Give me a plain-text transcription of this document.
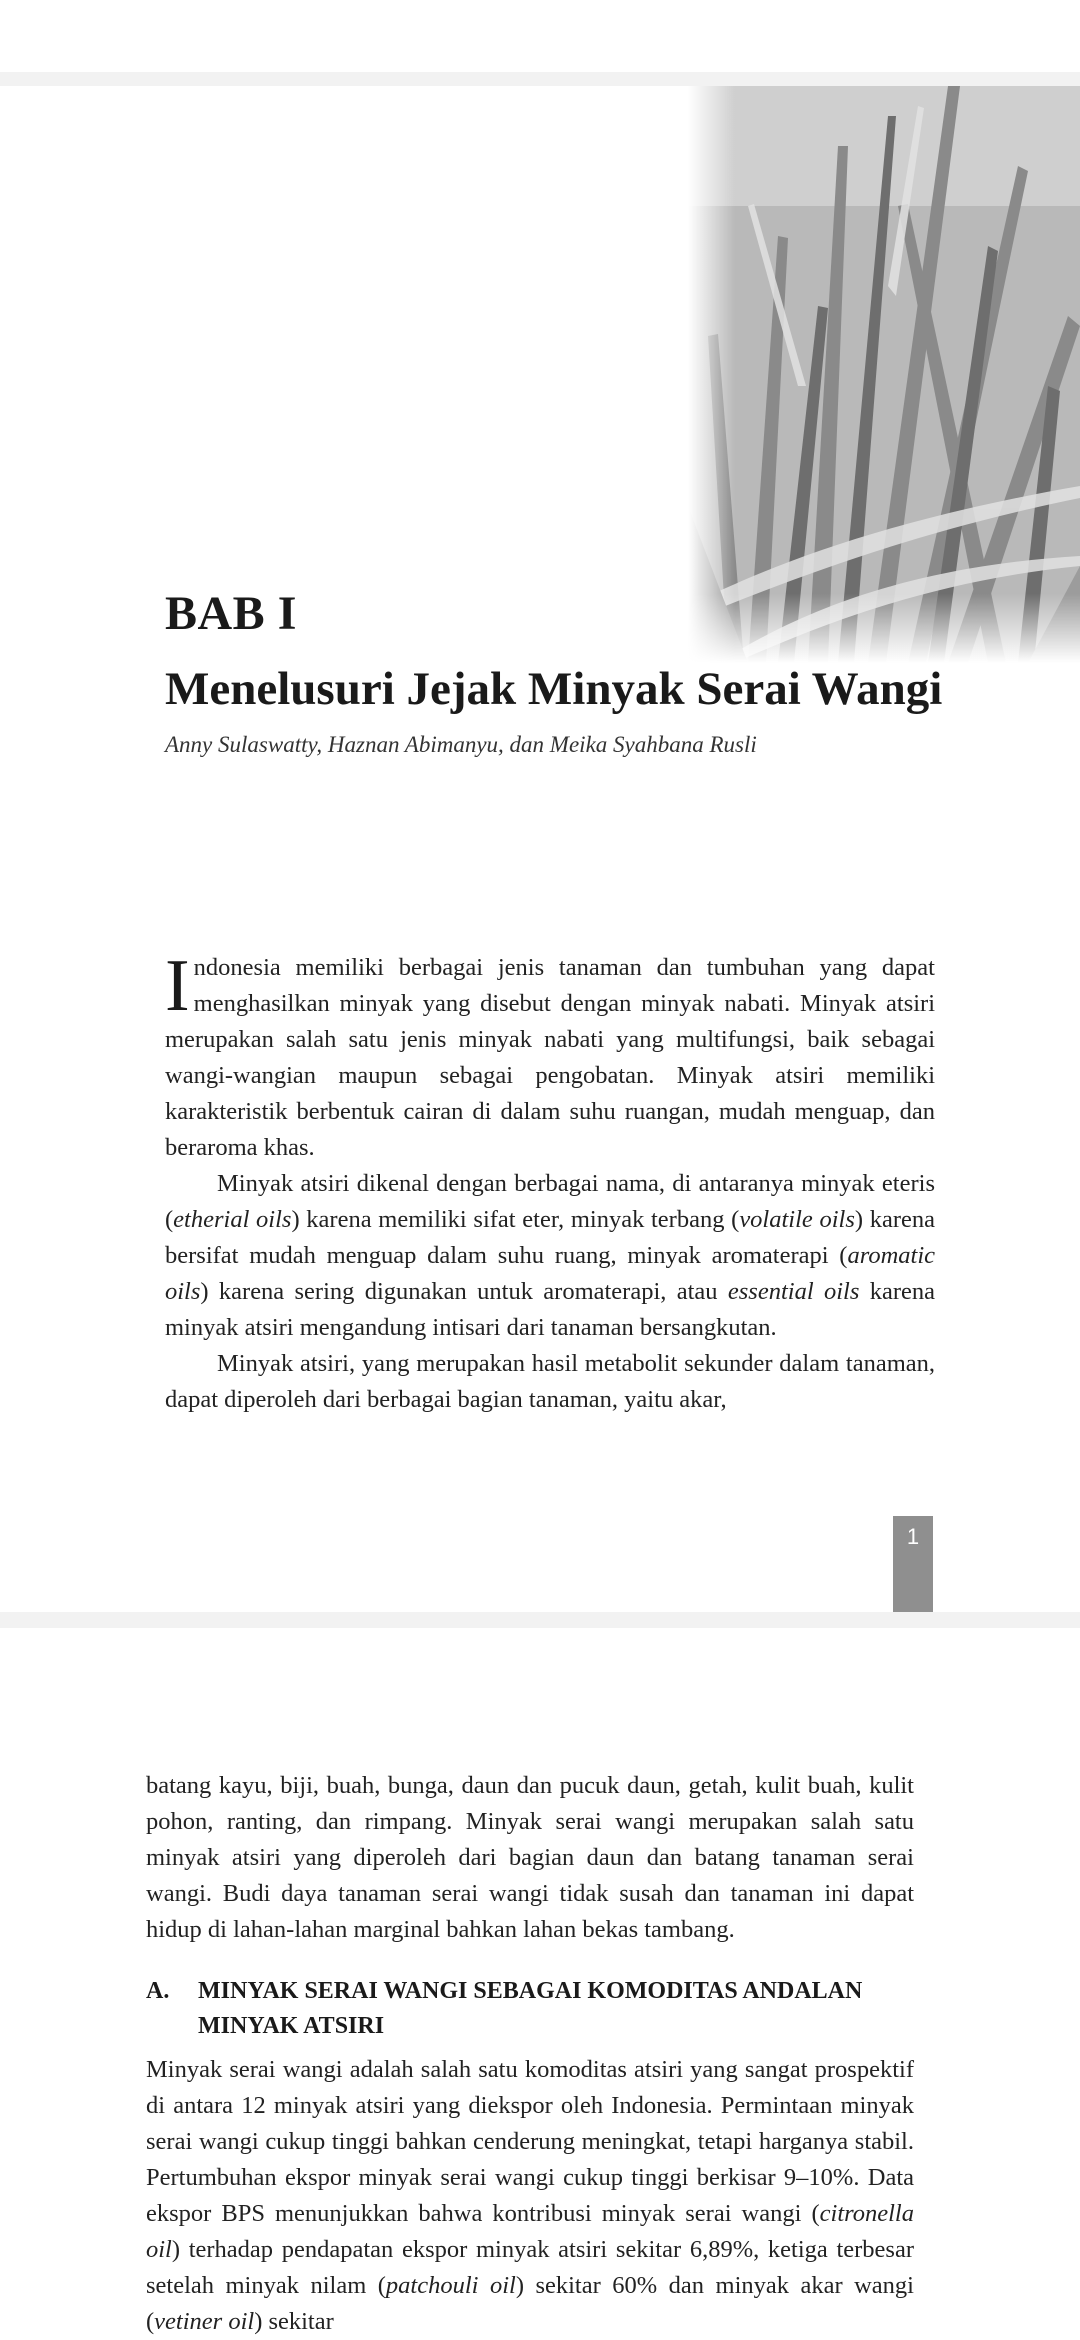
BAB I
Menelusuri Jejak Minyak Serai Wangi
Anny Sulaswatty, Haznan Abimanyu, dan Meika Syahbana Rusli

Indonesia memiliki berbagai jenis tanaman dan tumbuhan yang dapat menghasilkan minyak yang disebut dengan minyak nabati. Minyak atsiri merupakan salah satu jenis minyak nabati yang multifungsi, baik sebagai wangi-wangian maupun sebagai pengobatan. Minyak atsiri memiliki karakteristik berbentuk cairan di dalam suhu ruangan, mudah menguap, dan beraroma khas.

Minyak atsiri dikenal dengan berbagai nama, di antaranya minyak eteris (etherial oils) karena memiliki sifat eter, minyak terbang (volatile oils) karena bersifat mudah menguap dalam suhu ruang, minyak aromaterapi (aromatic oils) karena sering digunakan untuk aromaterapi, atau essential oils karena minyak atsiri mengandung intisari dari tanaman bersangkutan.

Minyak atsiri, yang merupakan hasil metabolit sekunder dalam tanaman, dapat diperoleh dari berbagai bagian tanaman, yaitu akar,

1

batang kayu, biji, buah, bunga, daun dan pucuk daun, getah, kulit buah, kulit pohon, ranting, dan rimpang. Minyak serai wangi merupakan salah satu minyak atsiri yang diperoleh dari bagian daun dan batang tanaman serai wangi. Budi daya tanaman serai wangi tidak susah dan tanaman ini dapat hidup di lahan-lahan marginal bahkan lahan bekas tambang.

A. MINYAK SERAI WANGI SEBAGAI KOMODITAS ANDALAN MINYAK ATSIRI

Minyak serai wangi adalah salah satu komoditas atsiri yang sangat prospektif di antara 12 minyak atsiri yang diekspor oleh Indonesia. Permintaan minyak serai wangi cukup tinggi bahkan cenderung meningkat, tetapi harganya stabil. Pertumbuhan ekspor minyak serai wangi cukup tinggi berkisar 9–10%. Data ekspor BPS menunjukkan bahwa kontribusi minyak serai wangi (citronella oil) terhadap pendapatan ekspor minyak atsiri sekitar 6,89%, ketiga terbesar setelah minyak nilam (patchouli oil) sekitar 60% dan minyak akar wangi (vetiner oil) sekitar
